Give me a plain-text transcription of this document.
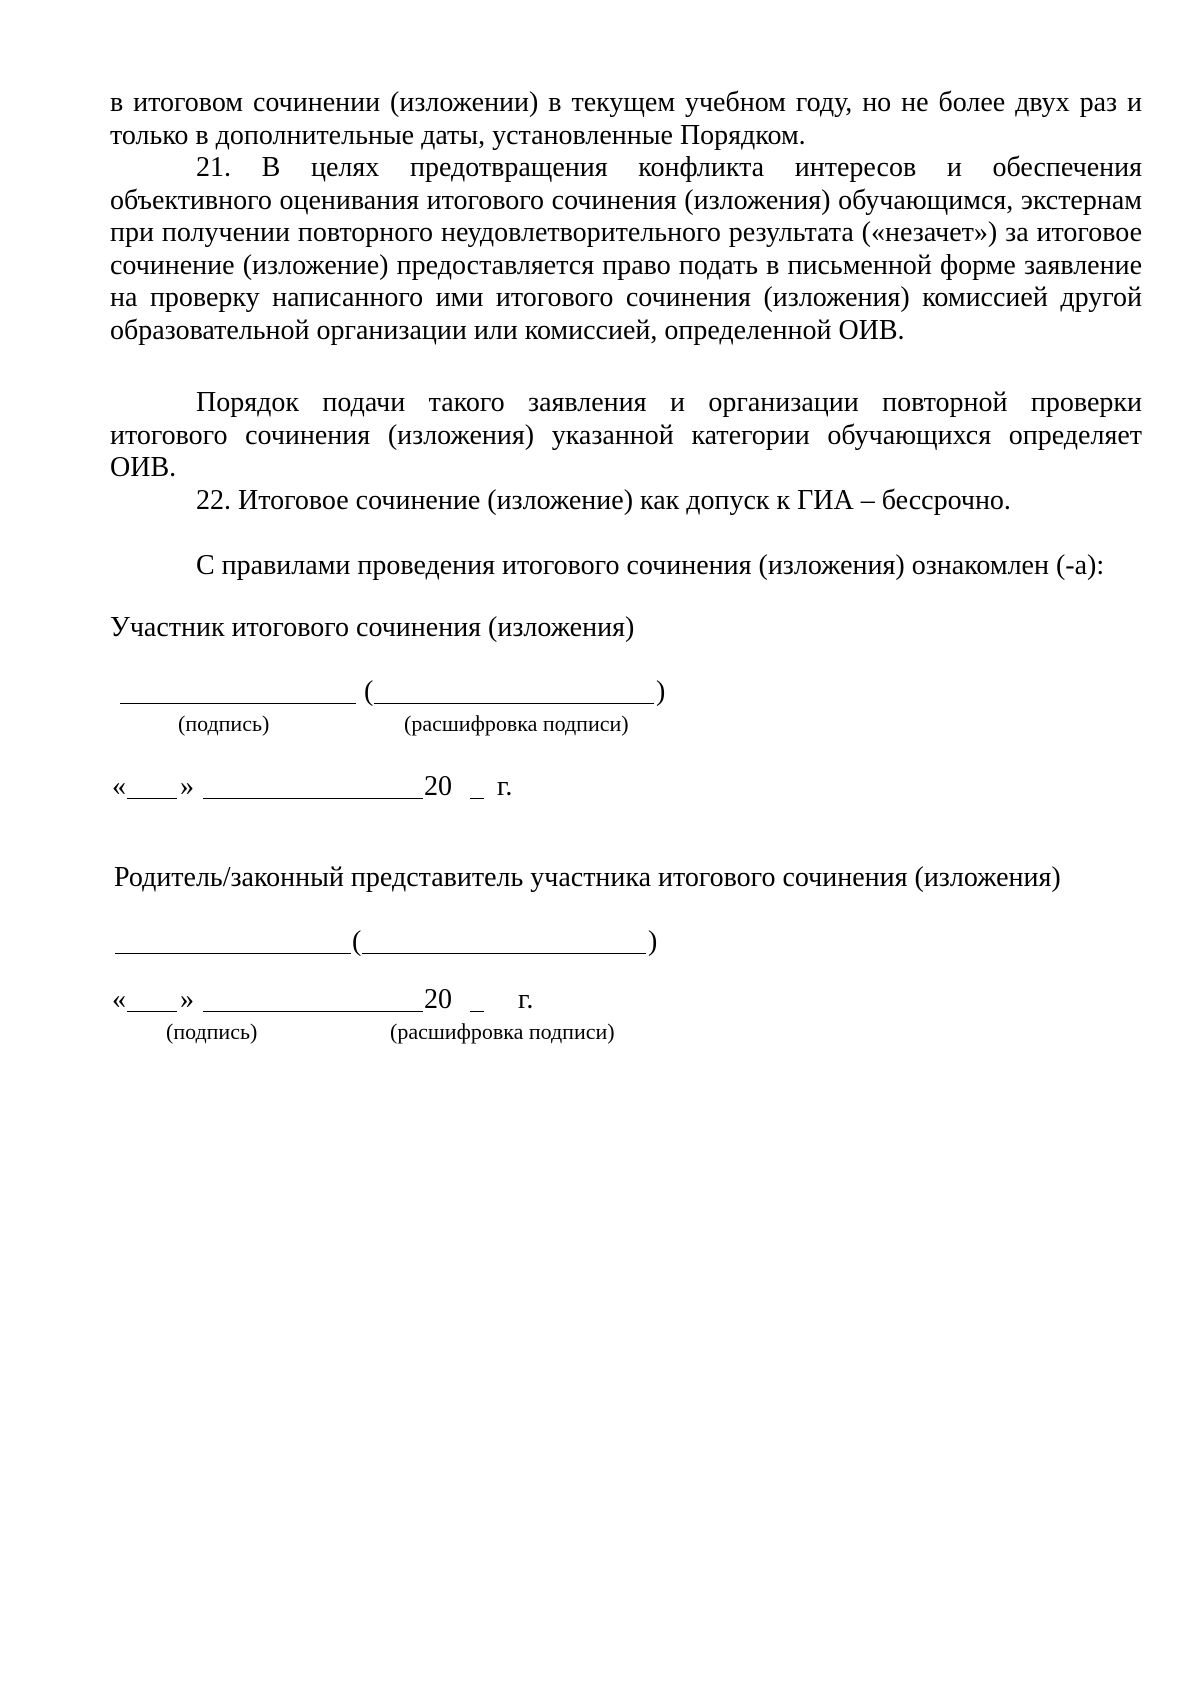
в итоговом сочинении (изложении) в текущем учебном году, но не более двух раз и только в дополнительные даты, установленные Порядком.

21. В целях предотвращения конфликта интересов и обеспечения объективного оценивания итогового сочинения (изложения) обучающимся, экстернам при получении повторного неудовлетворительного результата («незачет») за итоговое сочинение (изложение) предоставляется право подать в письменной форме заявление на проверку написанного ими итогового сочинения (изложения) комиссией другой образовательной организации или комиссией, определенной ОИВ.

Порядок подачи такого заявления и организации повторной проверки итогового сочинения (изложения) указанной категории обучающихся определяет ОИВ.

22. Итоговое сочинение (изложение) как допуск к ГИА – бессрочно.

С правилами проведения итогового сочинения (изложения) ознакомлен (-а):

Участник итогового сочинения (изложения)

(	)

(подпись)	(расшифровка подписи)

« »	20 г.

Родитель/законный представитель участника итогового сочинения (изложения)

(	)
« »	20 г.

(подпись)	(расшифровка подписи)
